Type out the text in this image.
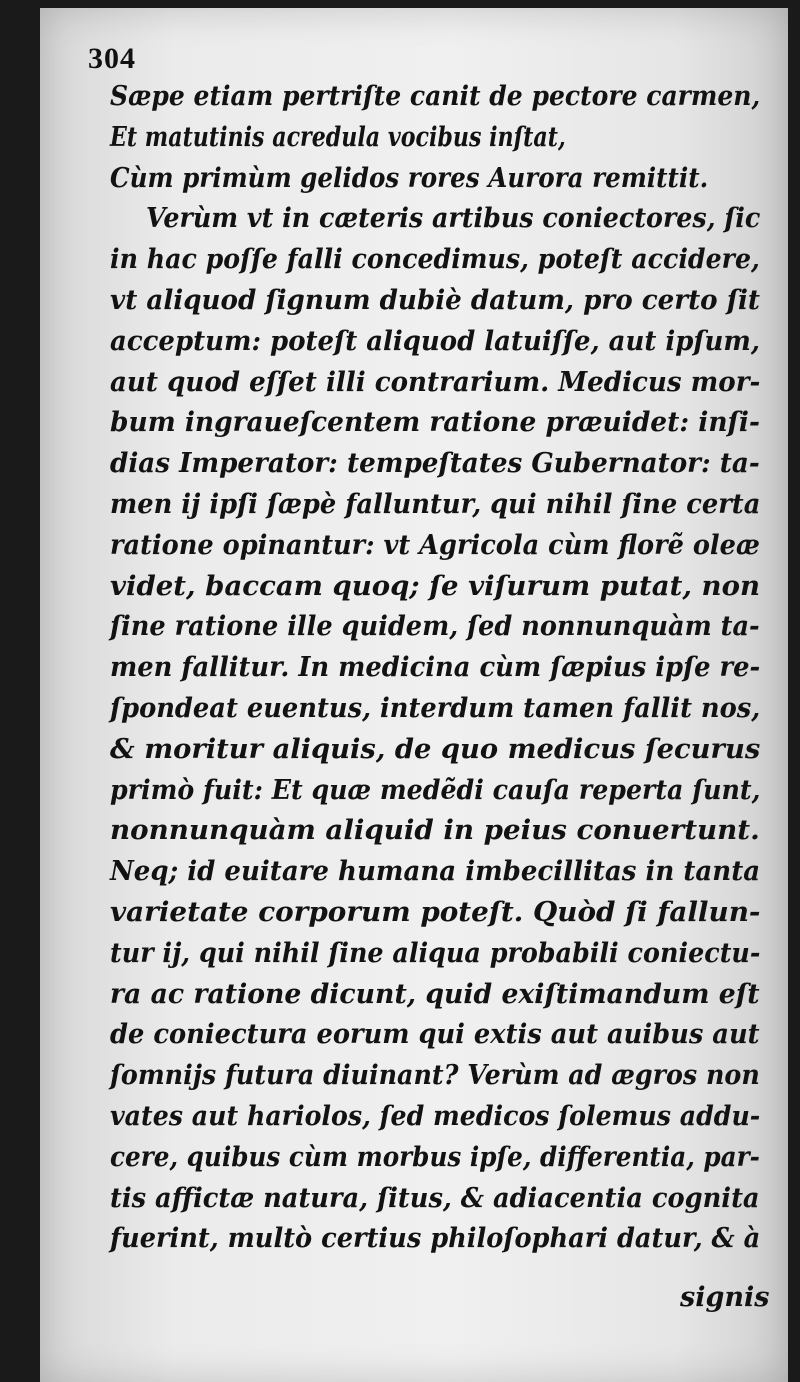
304
Sæpe etiam pertriſte canit de pectore carmen,
Et matutinis acredula vocibus inſtat,
Cùm primùm gelidos rores Aurora remittit.
Verùm vt in cæteris artibus coniectores, ſic
in hac poſſe falli concedimus, poteſt accidere,
vt aliquod ſignum dubiè datum, pro certo ſit
acceptum: poteſt aliquod latuiſſe, aut ipſum,
aut quod eſſet illi contrarium. Medicus mor-
bum ingraueſcentem ratione præuidet: inſi-
dias Imperator: tempeſtates Gubernator: ta-
men ij ipſi ſæpè falluntur, qui nihil ſine certa
ratione opinantur: vt Agricola cùm florẽ oleæ
videt, baccam quoq; ſe viſurum putat, non
ſine ratione ille quidem, ſed nonnunquàm ta-
men fallitur. In medicina cùm ſæpius ipſe re-
ſpondeat euentus, interdum tamen fallit nos,
& moritur aliquis, de quo medicus ſecurus
primò fuit: Et quæ medẽdi cauſa reperta ſunt,
nonnunquàm aliquid in peius conuertunt.
Neq; id euitare humana imbecillitas in tanta
varietate corporum poteſt. Quòd ſi fallun-
tur ij, qui nihil ſine aliqua probabili coniectu-
ra ac ratione dicunt, quid exiſtimandum eſt
de coniectura eorum qui extis aut auibus aut
ſomnijs futura diuinant? Verùm ad ægros non
vates aut hariolos, ſed medicos ſolemus addu-
cere, quibus cùm morbus ipſe, differentia, par-
tis affictæ natura, ſitus, & adiacentia cognita
fuerint, multò certius philoſophari datur, & à
signis
